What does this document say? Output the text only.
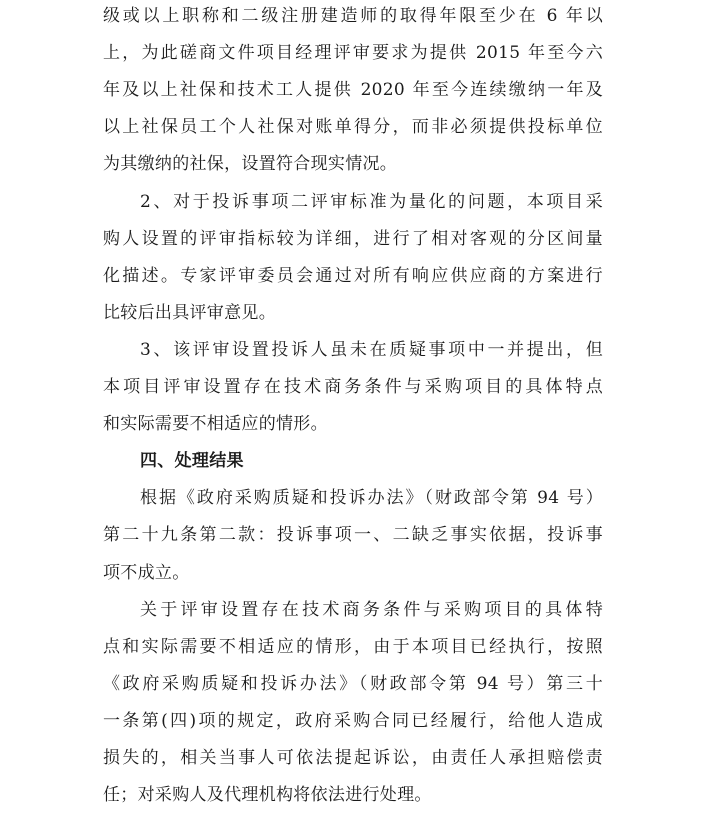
级或以上职称和二级注册建造师的取得年限至少在 6 年以
上，为此磋商文件项目经理评审要求为提供 2015 年至今六
年及以上社保和技术工人提供 2020 年至今连续缴纳一年及
以上社保员工个人社保对账单得分，而非必须提供投标单位
为其缴纳的社保，设置符合现实情况。
2、对于投诉事项二评审标准为量化的问题，本项目采
购人设置的评审指标较为详细，进行了相对客观的分区间量
化描述。专家评审委员会通过对所有响应供应商的方案进行
比较后出具评审意见。
3、该评审设置投诉人虽未在质疑事项中一并提出，但
本项目评审设置存在技术商务条件与采购项目的具体特点
和实际需要不相适应的情形。
四、处理结果
根据《政府采购质疑和投诉办法》（财政部令第 94 号）
第二十九条第二款：投诉事项一、二缺乏事实依据，投诉事
项不成立。
关于评审设置存在技术商务条件与采购项目的具体特
点和实际需要不相适应的情形，由于本项目已经执行，按照
《政府采购质疑和投诉办法》（财政部令第 94 号）第三十
一条第(四)项的规定，政府采购合同已经履行，给他人造成
损失的，相关当事人可依法提起诉讼，由责任人承担赔偿责
任；对采购人及代理机构将依法进行处理。
